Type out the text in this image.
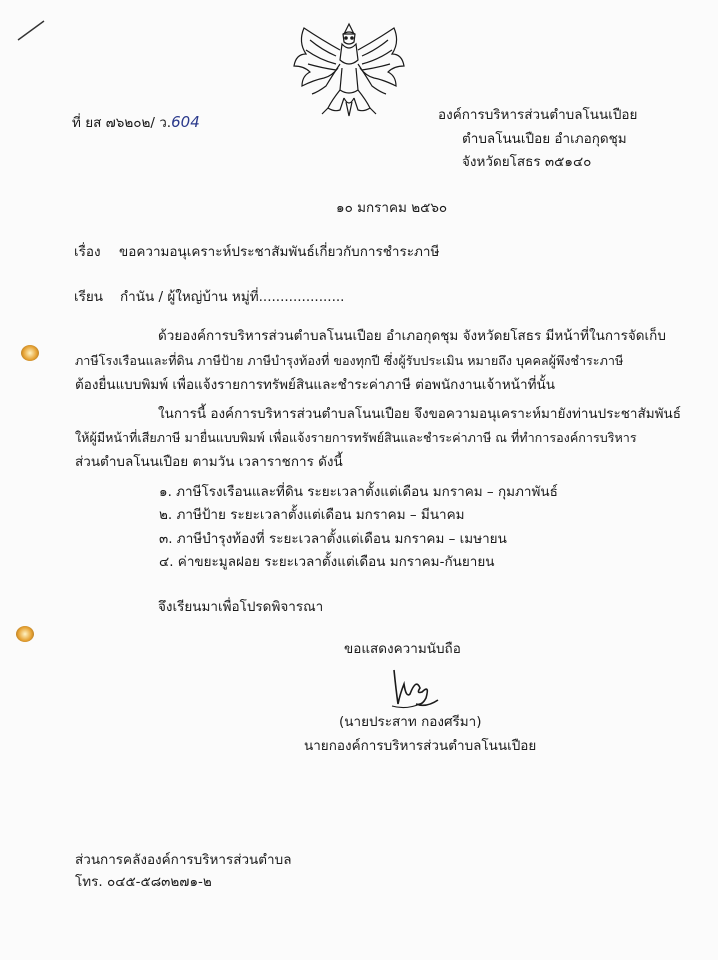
ที่ ยส ๗๖๒๐๒/ ว.604	องค์การบริหารส่วนตำบลโนนเปือย
ตำบลโนนเปือย อำเภอกุดชุม
จังหวัดยโสธร ๓๕๑๔๐
๑๐ มกราคม ๒๕๖๐
เรื่อง ขอความอนุเคราะห์ประชาสัมพันธ์เกี่ยวกับการชำระภาษี
เรียน กำนัน / ผู้ใหญ่บ้าน หมู่ที่....................
ด้วยองค์การบริหารส่วนตำบลโนนเปือย อำเภอกุดชุม จังหวัดยโสธร มีหน้าที่ในการจัดเก็บ
ภาษีโรงเรือนและที่ดิน ภาษีป้าย ภาษีบำรุงท้องที่ ของทุกปี ซึ่งผู้รับประเมิน หมายถึง บุคคลผู้พึงชำระภาษี
ต้องยื่นแบบพิมพ์ เพื่อแจ้งรายการทรัพย์สินและชำระค่าภาษี ต่อพนักงานเจ้าหน้าที่นั้น
ในการนี้ องค์การบริหารส่วนตำบลโนนเปือย จึงขอความอนุเคราะห์มายังท่านประชาสัมพันธ์
ให้ผู้มีหน้าที่เสียภาษี มายื่นแบบพิมพ์ เพื่อแจ้งรายการทรัพย์สินและชำระค่าภาษี ณ ที่ทำการองค์การบริหาร
ส่วนตำบลโนนเปือย ตามวัน เวลาราชการ ดังนี้
๑. ภาษีโรงเรือนและที่ดิน ระยะเวลาตั้งแต่เดือน มกราคม – กุมภาพันธ์
๒. ภาษีป้าย ระยะเวลาตั้งแต่เดือน มกราคม – มีนาคม
๓. ภาษีบำรุงท้องที่ ระยะเวลาตั้งแต่เดือน มกราคม – เมษายน
๔. ค่าขยะมูลฝอย ระยะเวลาตั้งแต่เดือน มกราคม-กันยายน
จึงเรียนมาเพื่อโปรดพิจารณา
ขอแสดงความนับถือ
(นายประสาท กองศรีมา)
นายกองค์การบริหารส่วนตำบลโนนเปือย
ส่วนการคลังองค์การบริหารส่วนตำบล
โทร. ๐๔๕-๕๘๓๒๗๑-๒
